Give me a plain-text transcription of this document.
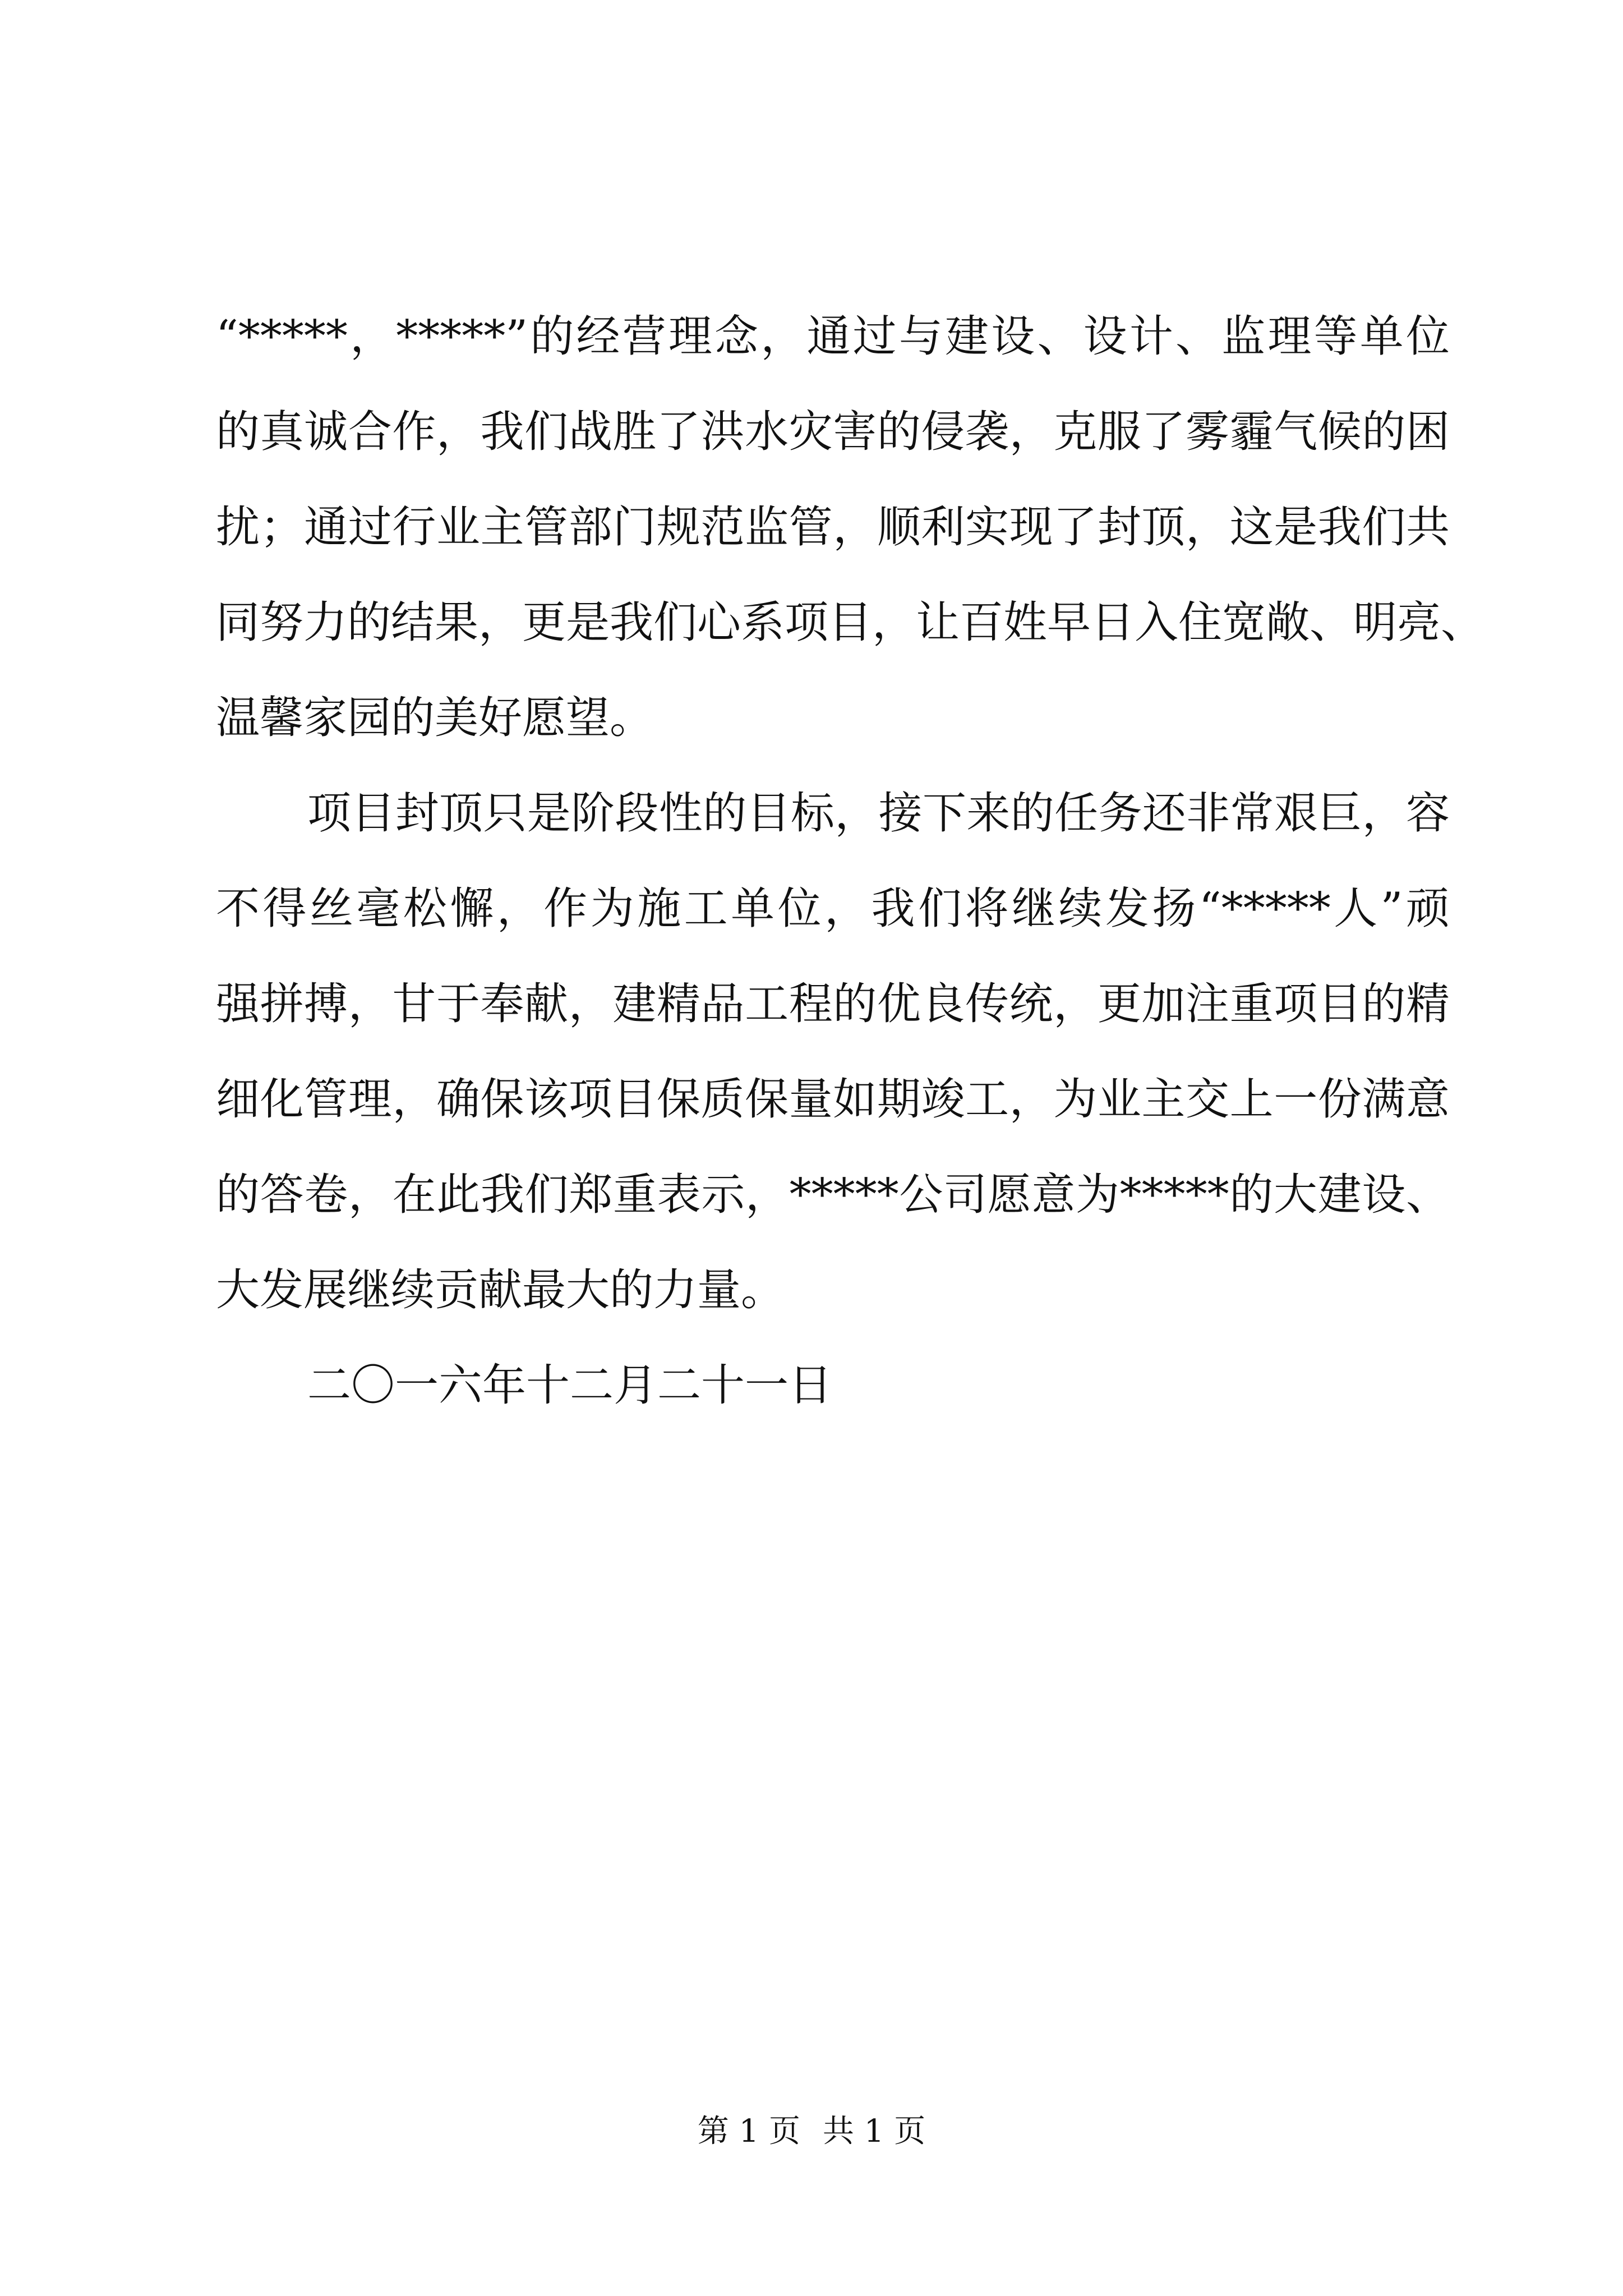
“*****，*****”的经营理念，通过与建设、设计、监理等单位
的真诚合作，我们战胜了洪水灾害的侵袭，克服了雾霾气候的困
扰；通过行业主管部门规范监管，顺利实现了封顶，这是我们共
同努力的结果，更是我们心系项目，让百姓早日入住宽敞、明亮、
温馨家园的美好愿望。
项目封顶只是阶段性的目标，接下来的任务还非常艰巨，容
不得丝毫松懈，作为施工单位，我们将继续发扬“*****人”顽
强拼搏，甘于奉献，建精品工程的优良传统，更加注重项目的精
细化管理，确保该项目保质保量如期竣工，为业主交上一份满意
的答卷，在此我们郑重表示，*****公司愿意为*****的大建设、
大发展继续贡献最大的力量。
二〇一六年十二月二十一日
第 1 页 共 1 页
